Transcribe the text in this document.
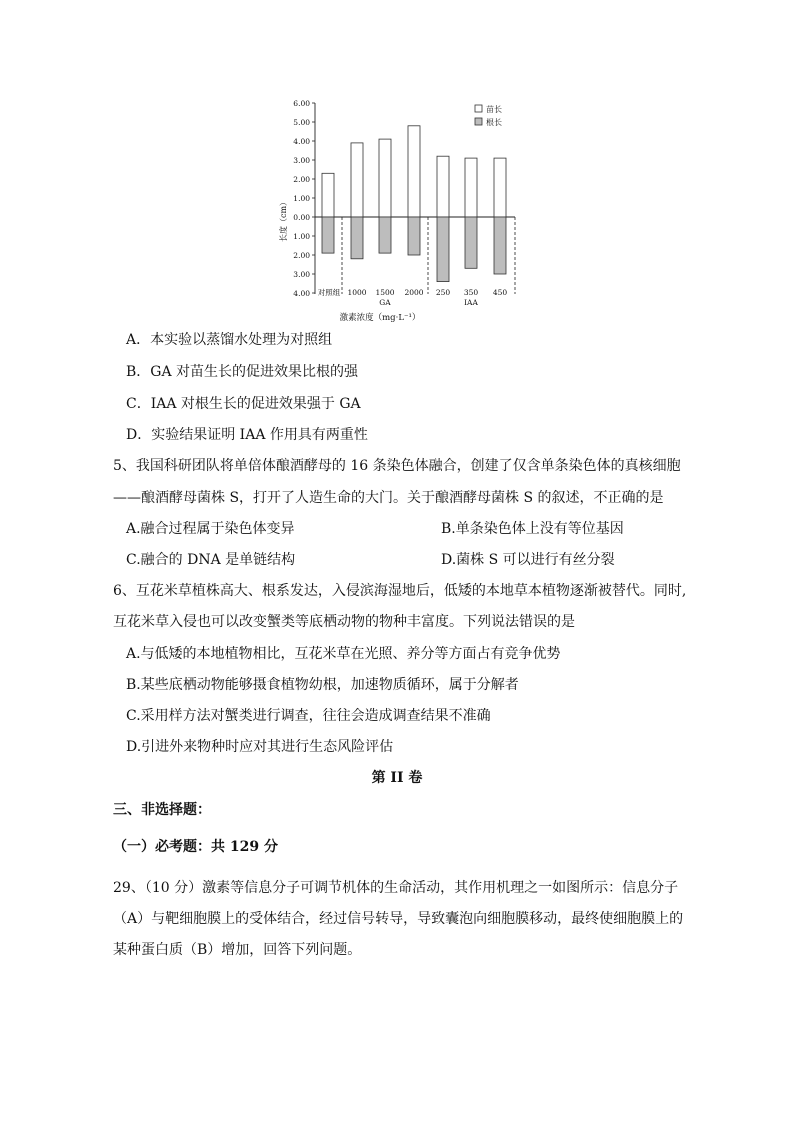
长度（cm）
激素浓度（mg·L⁻¹）
苗长
根长
6.00
5.00
4.00
3.00
2.00
1.00
0.00
1.00
2.00
3.00
4.00 对照组 1000 1500 2000 250 350 450
GA	IAA
A．本实验以蒸馏水处理为对照组
B．GA 对苗生长的促进效果比根的强
C．IAA 对根生长的促进效果强于 GA
D．实验结果证明 IAA 作用具有两重性
5、我国科研团队将单倍体酿酒酵母的 16 条染色体融合，创建了仅含单条染色体的真核细胞
——酿酒酵母菌株 S，打开了人造生命的大门。关于酿酒酵母菌株 S 的叙述，不正确的是
A.融合过程属于染色体变异	B.单条染色体上没有等位基因
C.融合的 DNA 是单链结构	D.菌株 S 可以进行有丝分裂
6、互花米草植株高大、根系发达，入侵滨海湿地后，低矮的本地草本植物逐渐被替代。同时,
互花米草入侵也可以改变蟹类等底栖动物的物种丰富度。下列说法错误的是
A.与低矮的本地植物相比，互花米草在光照、养分等方面占有竞争优势
B.某些底栖动物能够摄食植物幼根，加速物质循环，属于分解者
C.采用样方法对蟹类进行调查，往往会造成调查结果不准确
D.引进外来物种时应对其进行生态风险评估
第 II 卷
三、非选择题：
（一）必考题：共 129 分
29、（10 分）激素等信息分子可调节机体的生命活动，其作用机理之一如图所示：信息分子
（A）与靶细胞膜上的受体结合，经过信号转导，导致囊泡向细胞膜移动，最终使细胞膜上的
某种蛋白质（B）增加，回答下列问题。
